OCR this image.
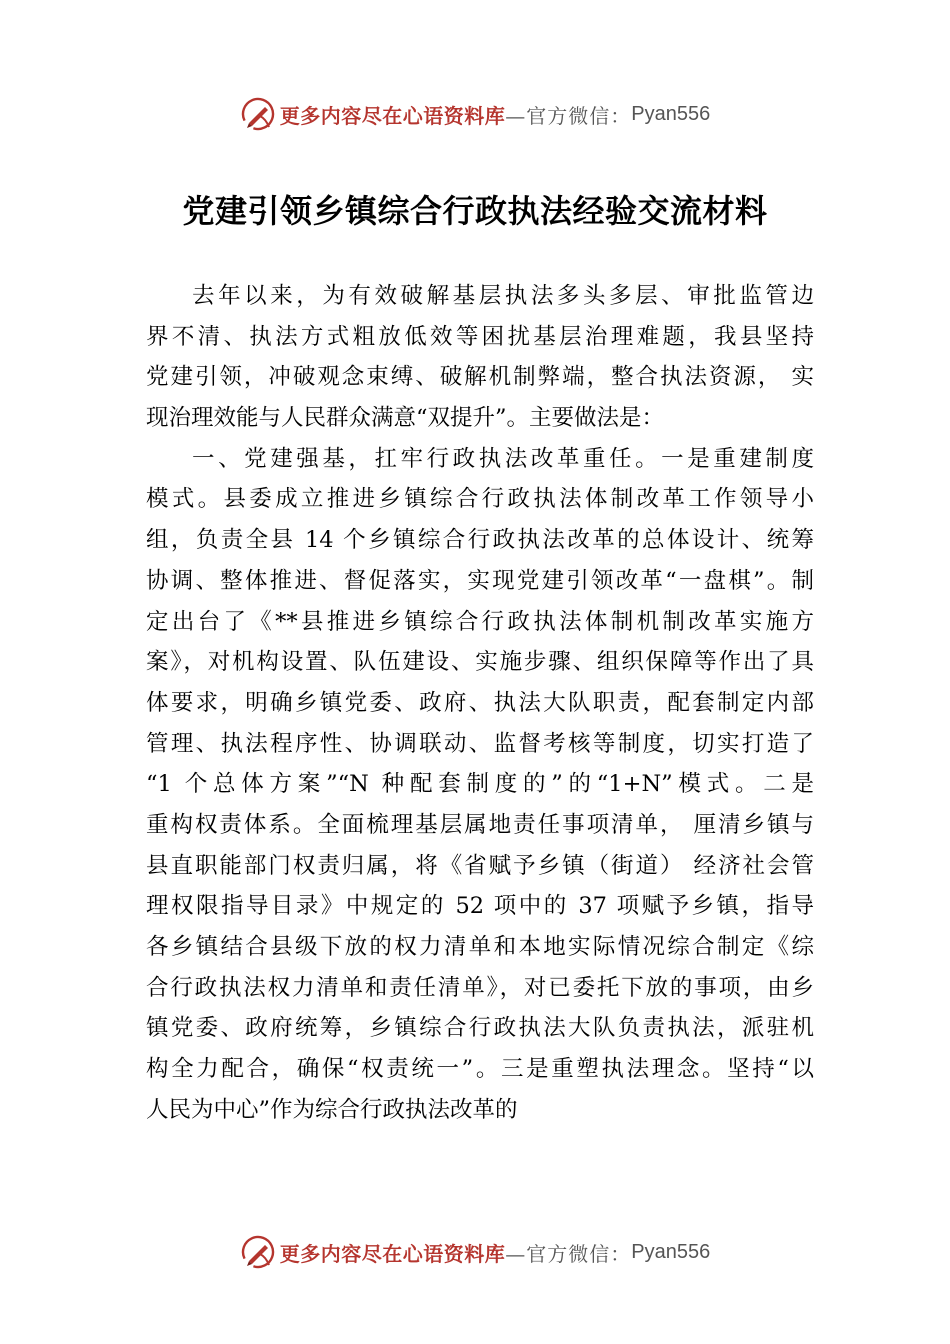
更多内容尽在心语资料库 —官方微信： Pyan556
党建引领乡镇综合行政执法经验交流材料
去年以来，为有效破解基层执法多头多层、审批监管边
界不清、执法方式粗放低效等困扰基层治理难题，我县坚持
党建引领，冲破观念束缚、破解机制弊端，整合执法资源， 实
现治理效能与人民群众满意“双提升”。主要做法是：
一、党建强基，扛牢行政执法改革重任。一是重建制度
模式。县委成立推进乡镇综合行政执法体制改革工作领导小
组，负责全县 14 个乡镇综合行政执法改革的总体设计、统筹
协调、整体推进、督促落实，实现党建引领改革“一盘棋”。制
定出台了《**县推进乡镇综合行政执法体制机制改革实施方
案》，对机构设置、队伍建设、实施步骤、组织保障等作出了具
体要求，明确乡镇党委、政府、执法大队职责，配套制定内部
管理、执法程序性、协调联动、监督考核等制度，切实打造了
“1 个总体方案”“N 种配套制度的”的“1+N”模式。二是
重构权责体系。全面梳理基层属地责任事项清单， 厘清乡镇与
县直职能部门权责归属，将《省赋予乡镇（街道） 经济社会管
理权限指导目录》中规定的 52 项中的 37 项赋予乡镇，指导
各乡镇结合县级下放的权力清单和本地实际情况综合制定《综
合行政执法权力清单和责任清单》，对已委托下放的事项，由乡
镇党委、政府统筹，乡镇综合行政执法大队负责执法，派驻机
构全力配合，确保“权责统一”。三是重塑执法理念。坚持“以
人民为中心”作为综合行政执法改革的
更多内容尽在心语资料库 —官方微信： Pyan556
